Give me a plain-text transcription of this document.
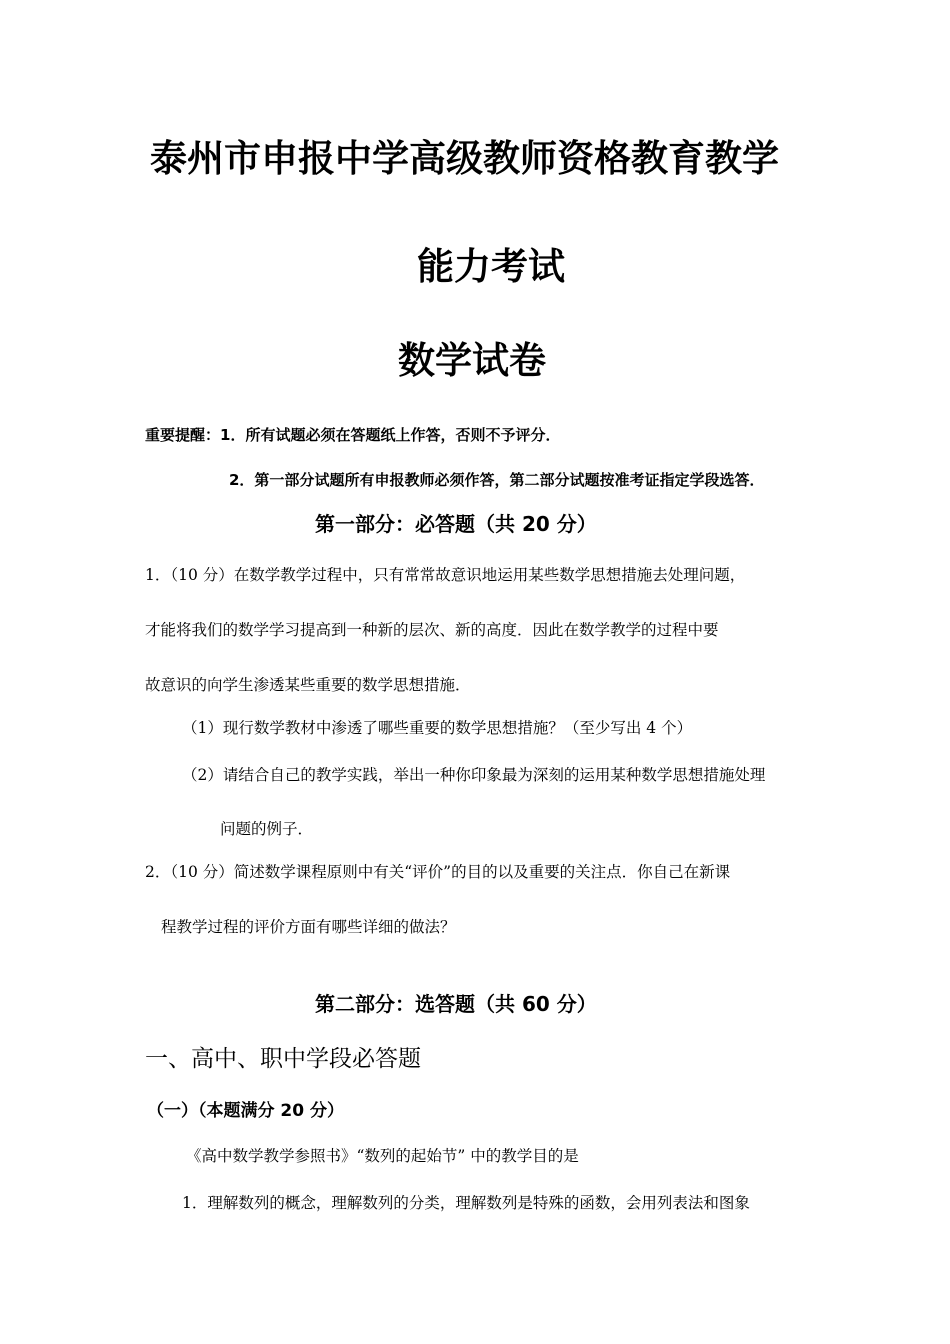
泰州市申报中学高级教师资格教育教学

能力考试

数学试卷

重要提醒：1．所有试题必须在答题纸上作答，否则不予评分．

2．第一部分试题所有申报教师必须作答，第二部分试题按准考证指定学段选答．

第一部分：必答题（共 20 分）

1．（10 分）在数学教学过程中，只有常常故意识地运用某些数学思想措施去处理问题，

才能将我们的数学学习提高到一种新的层次、新的高度．因此在数学教学的过程中要

故意识的向学生渗透某些重要的数学思想措施．

（1）现行数学教材中渗透了哪些重要的数学思想措施？（至少写出 4 个）

（2）请结合自己的教学实践，举出一种你印象最为深刻的运用某种数学思想措施处理

问题的例子．

2．（10 分）简述数学课程原则中有关“评价”的目的以及重要的关注点．你自己在新课

程教学过程的评价方面有哪些详细的做法？

第二部分：选答题（共 60 分）

一、高中、职中学段必答题

（一）（本题满分 20 分）

《高中数学教学参照书》“数列的起始节” 中的教学目的是

1．理解数列的概念，理解数列的分类，理解数列是特殊的函数，会用列表法和图象
